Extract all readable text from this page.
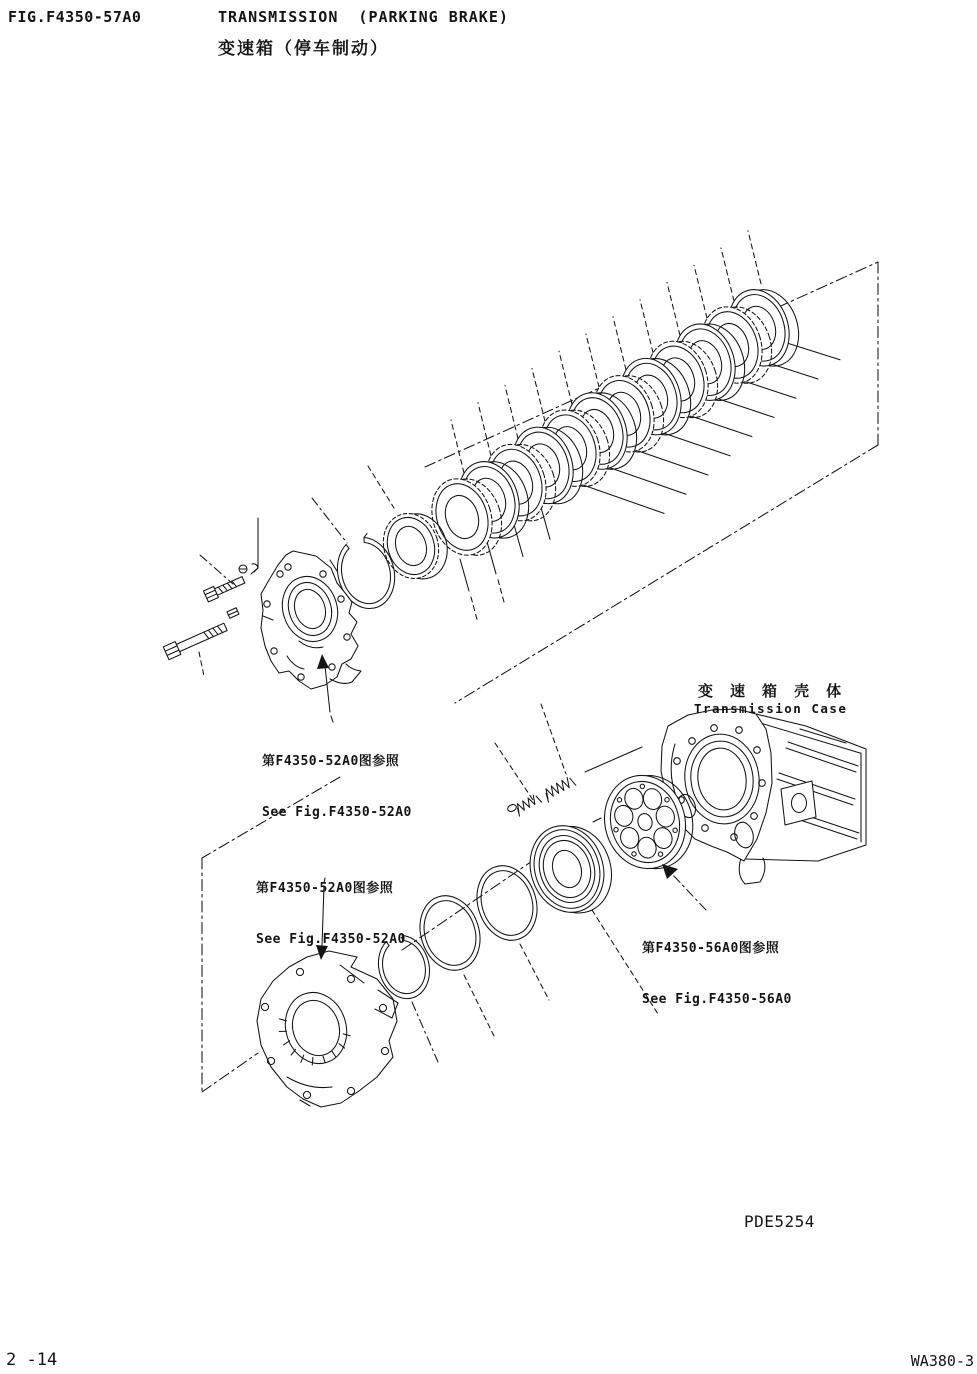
FIG.F4350-57A0	TRANSMISSION  (PARKING BRAKE)
变速箱（停车制动）

第F4350-52A0图参照

See Fig.F4350-52A0

第F4350-52A0图参照

See Fig.F4350-52A0

变 速 箱 壳 体
Transmission Case

第F4350-56A0图参照

See Fig.F4350-56A0

PDE5254
2 -14	WA380-3
